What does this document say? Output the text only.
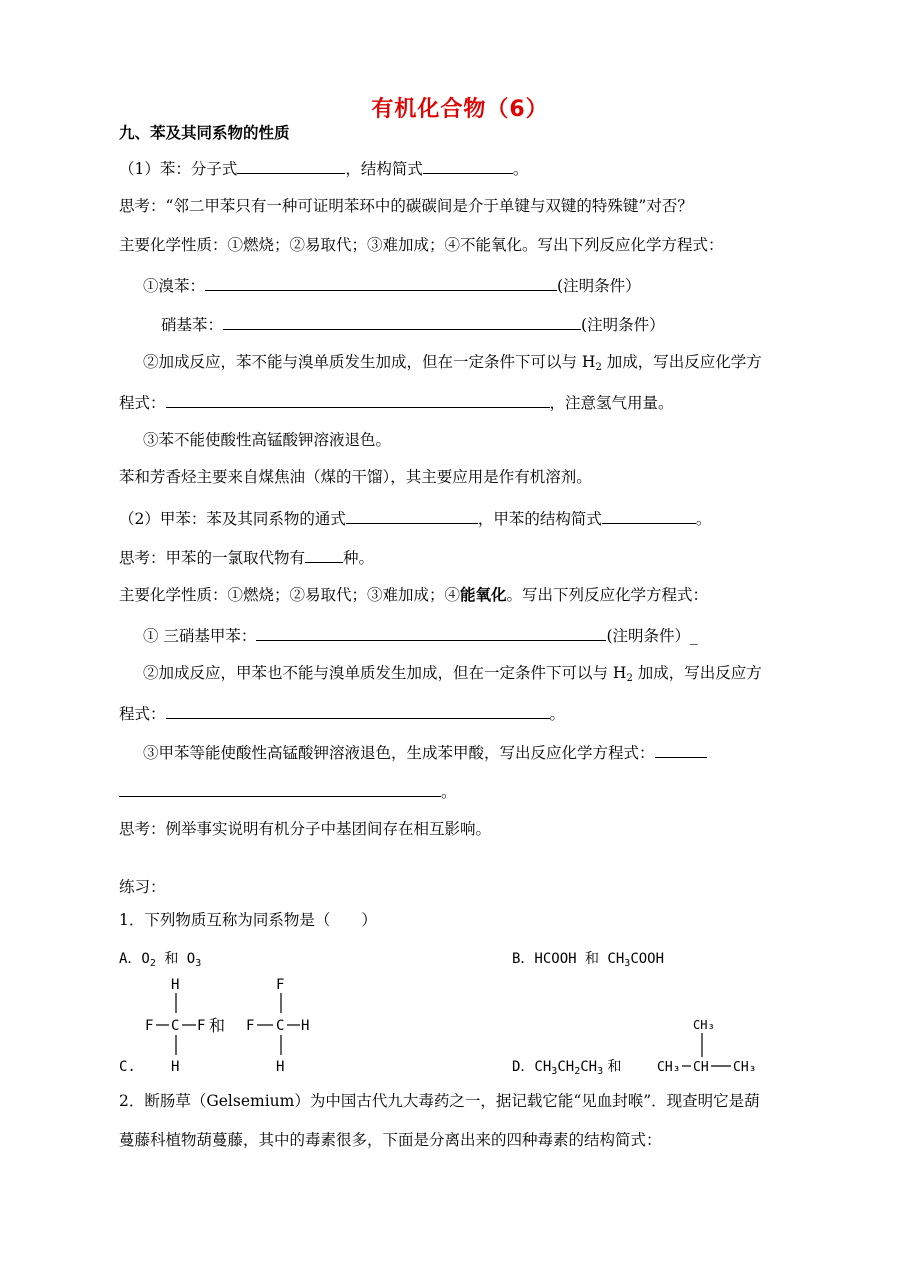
有机化合物（6）
九、苯及其同系物的性质
（1）苯：分子式	，结构简式	。
思考：“邻二甲苯只有一种可证明苯环中的碳碳间是介于单键与双键的特殊键”对否？
主要化学性质：①燃烧；②易取代；③难加成；④不能氧化。写出下列反应化学方程式：
①溴苯：	(注明条件）
硝基苯：	(注明条件）
②加成反应，苯不能与溴单质发生加成，但在一定条件下可以与 $H_2$ 加成，写出反应化学方
程式：	，注意氢气用量。
③苯不能使酸性高锰酸钾溶液退色。
苯和芳香烃主要来自煤焦油（煤的干馏），其主要应用是作有机溶剂。
（2）甲苯：苯及其同系物的通式	，甲苯的结构简式	。
思考：甲苯的一氯取代物有 种。
主要化学性质：①燃烧；②易取代；③难加成；④能氧化。写出下列反应化学方程式：
① 三硝基甲苯：	(注明条件）_
②加成反应，甲苯也不能与溴单质发生加成，但在一定条件下可以与 $H_2$ 加成，写出反应方
程式：	。
③甲苯等能使酸性高锰酸钾溶液退色，生成苯甲酸，写出反应化学方程式：
。
思考：例举事实说明有机分子中基团间存在相互影响。
练习：
1．下列物质互称为同系物是（　　）
A．$O_2$ 和 $O_3$	B．HCOOH 和 $CH_3COOH$
C.
H
F C F
H
和
F
F C H
H	D．$CH_3CH_2CH_3$ 和
CH₃
CH₃ CH CH₃
2．断肠草（Gelsemium）为中国古代九大毒药之一，据记载它能“见血封喉”．现查明它是葫
蔓藤科植物葫蔓藤，其中的毒素很多，下面是分离出来的四种毒素的结构简式：
